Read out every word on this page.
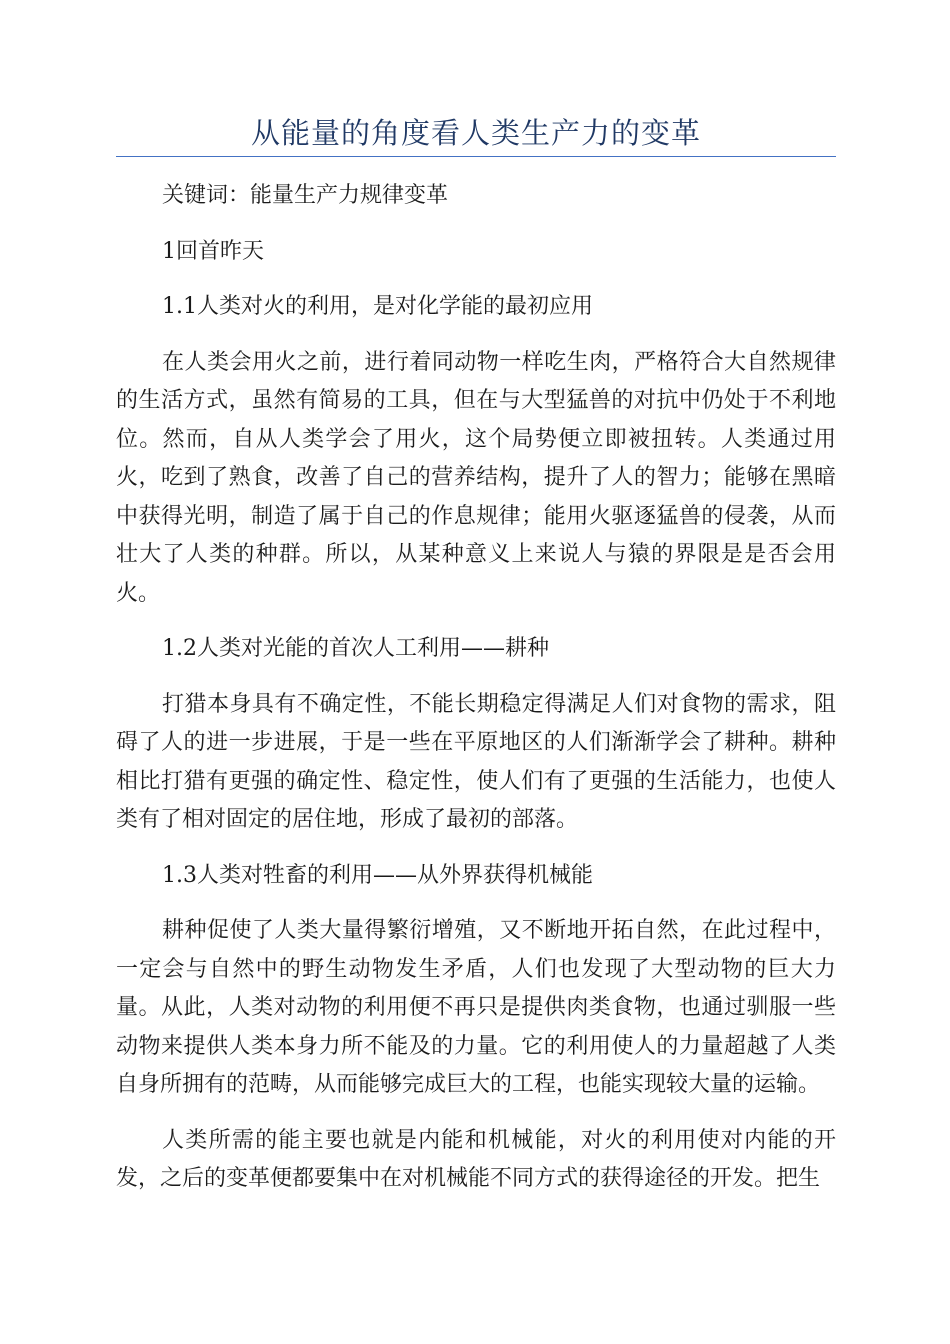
从能量的角度看人类生产力的变革

关键词：能量生产力规律变革

1回首昨天

1.1人类对火的利用，是对化学能的最初应用

在人类会用火之前，进行着同动物一样吃生肉，严格符合大自然规律的生活方式，虽然有简易的工具，但在与大型猛兽的对抗中仍处于不利地位。然而，自从人类学会了用火，这个局势便立即被扭转。人类通过用火，吃到了熟食，改善了自己的营养结构，提升了人的智力；能够在黑暗中获得光明，制造了属于自己的作息规律；能用火驱逐猛兽的侵袭，从而壮大了人类的种群。所以，从某种意义上来说人与猿的界限是是否会用火。

1.2人类对光能的首次人工利用——耕种

打猎本身具有不确定性，不能长期稳定得满足人们对食物的需求，阻碍了人的进一步进展，于是一些在平原地区的人们渐渐学会了耕种。耕种相比打猎有更强的确定性、稳定性，使人们有了更强的生活能力，也使人类有了相对固定的居住地，形成了最初的部落。

1.3人类对牲畜的利用——从外界获得机械能

耕种促使了人类大量得繁衍增殖，又不断地开拓自然，在此过程中，一定会与自然中的野生动物发生矛盾，人们也发现了大型动物的巨大力量。从此，人类对动物的利用便不再只是提供肉类食物，也通过驯服一些动物来提供人类本身力所不能及的力量。它的利用使人的力量超越了人类自身所拥有的范畴，从而能够完成巨大的工程，也能实现较大量的运输。

人类所需的能主要也就是内能和机械能，对火的利用使对内能的开发，之后的变革便都要集中在对机械能不同方式的获得途径的开发。把生
